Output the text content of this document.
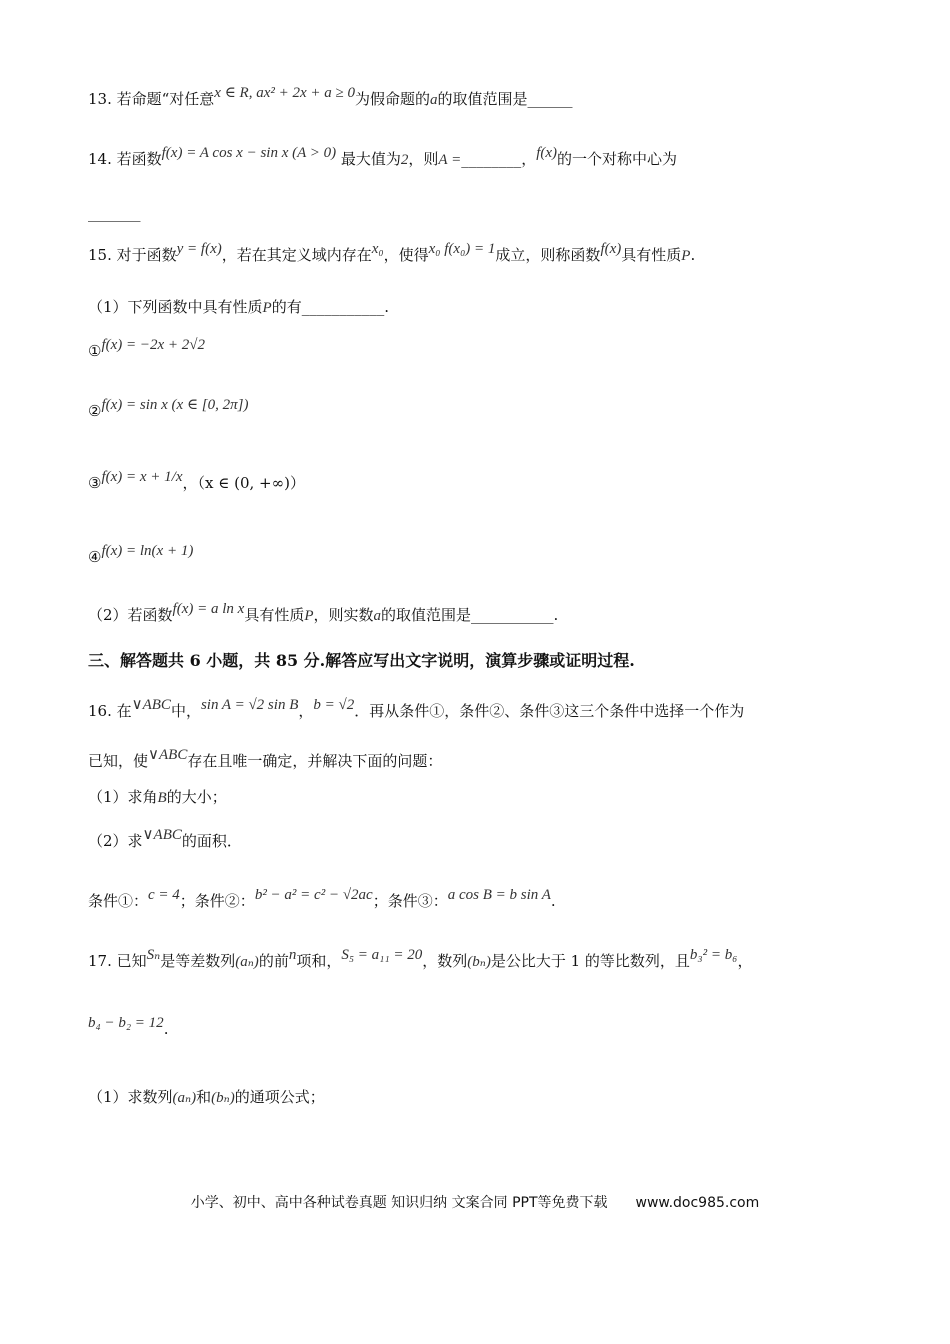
13. 若命题“对任意x ∈ R, ax² + 2x + a ≥ 0为假命题的a的取值范围是______
14. 若函数f(x) = A cos x − sin x (A > 0) 最大值为2，则A =________，f(x)的一个对称中心为
_______
15. 对于函数y = f(x)，若在其定义域内存在x₀，使得x₀ f(x₀) = 1成立，则称函数f(x)具有性质P.
（1）下列函数中具有性质P的有___________.
①f(x) = −2x + 2√2
②f(x) = sin x (x ∈ [0, 2π])
③f(x) = x + 1/x，（x ∈ (0, +∞)）
④f(x) = ln(x + 1)
（2）若函数f(x) = a ln x具有性质P，则实数a的取值范围是___________.
三、解答题共 6 小题，共 85 分.解答应写出文字说明，演算步骤或证明过程.
16. 在∨ABC中，sin A = √2 sin B，b = √2．再从条件①，条件②、条件③这三个条件中选择一个作为
已知，使∨ABC存在且唯一确定，并解决下面的问题：
（1）求角B的大小；
（2）求∨ABC的面积．
条件①：c = 4；条件②：b² − a² = c² − √2ac；条件③：a cos B = b sin A.
17. 已知Sₙ是等差数列(aₙ)的前n项和，S₅ = a₁₁ = 20，数列(bₙ)是公比大于 1 的等比数列，且b₃² = b₆，
b₄ − b₂ = 12.
（1）求数列(aₙ)和(bₙ)的通项公式；
小学、初中、高中各种试卷真题 知识归纳 文案合同 PPT等免费下载 www.doc985.com
